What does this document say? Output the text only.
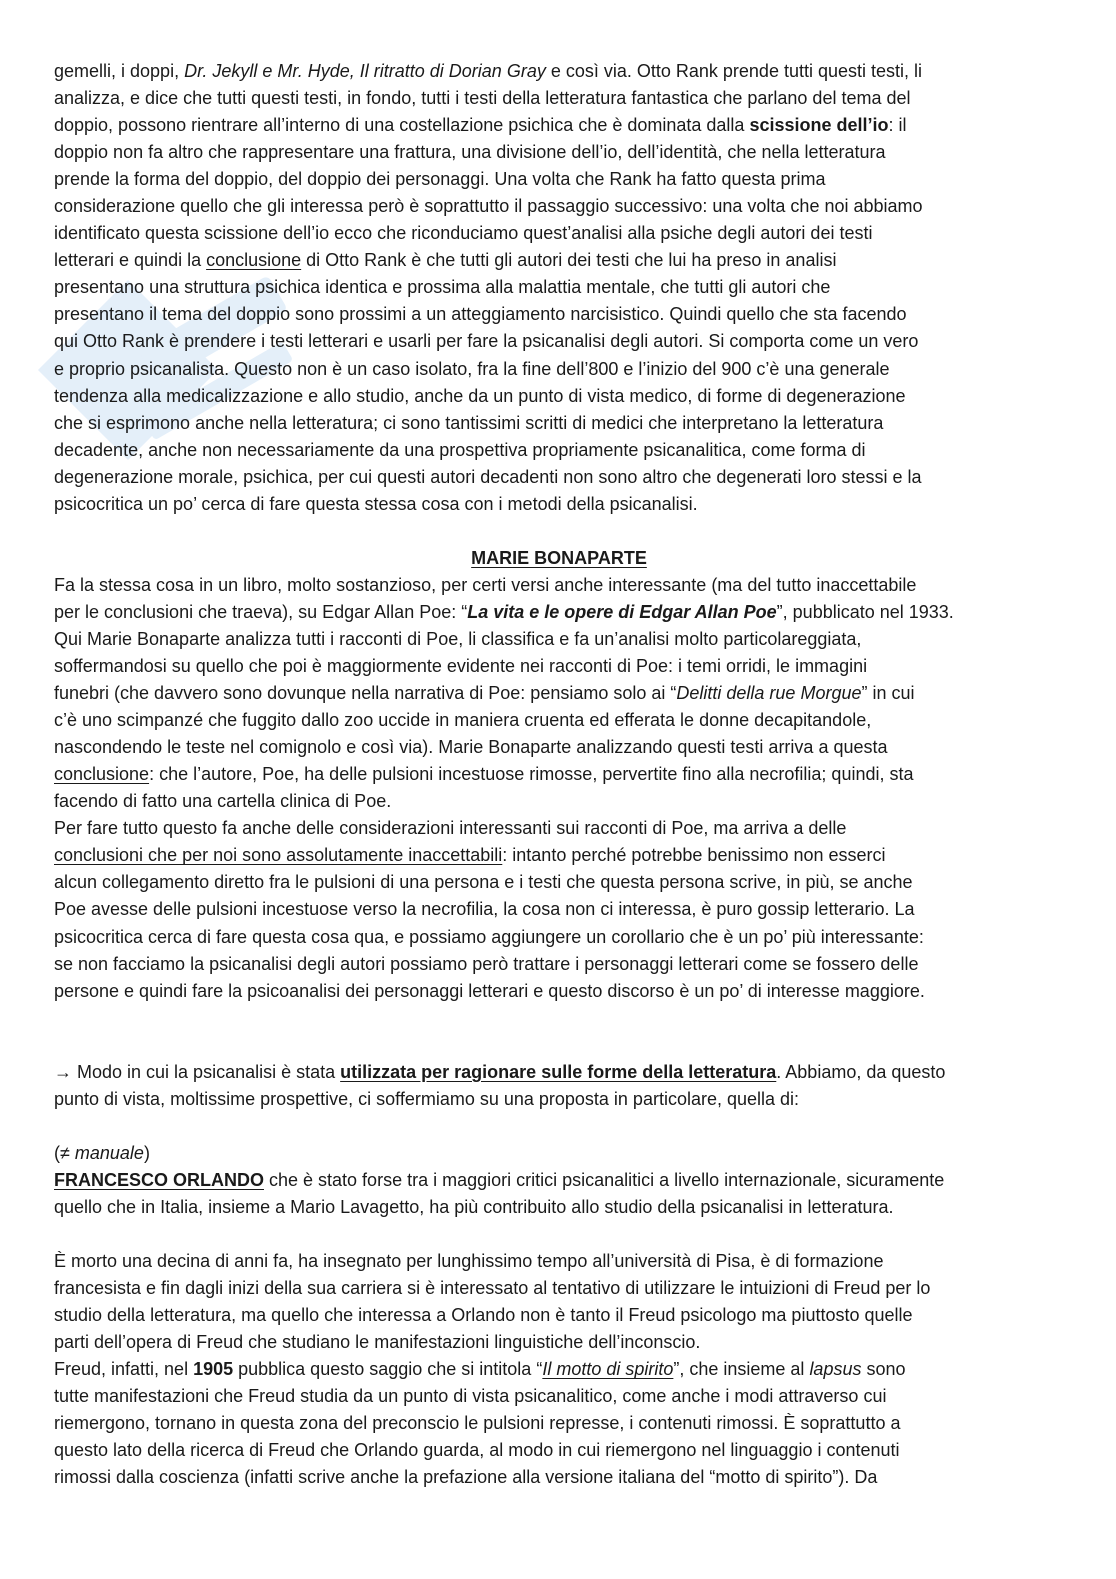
gemelli, i doppi, Dr. Jekyll e Mr. Hyde, Il ritratto di Dorian Gray e così via. Otto Rank prende tutti questi testi, li
analizza, e dice che tutti questi testi, in fondo, tutti i testi della letteratura fantastica che parlano del tema del
doppio, possono rientrare all’interno di una costellazione psichica che è dominata dalla scissione dell’io: il
doppio non fa altro che rappresentare una frattura, una divisione dell’io, dell’identità, che nella letteratura
prende la forma del doppio, del doppio dei personaggi. Una volta che Rank ha fatto questa prima
considerazione quello che gli interessa però è soprattutto il passaggio successivo: una volta che noi abbiamo
identificato questa scissione dell’io ecco che riconduciamo quest’analisi alla psiche degli autori dei testi
letterari e quindi la conclusione di Otto Rank è che tutti gli autori dei testi che lui ha preso in analisi
presentano una struttura psichica identica e prossima alla malattia mentale, che tutti gli autori che
presentano il tema del doppio sono prossimi a un atteggiamento narcisistico. Quindi quello che sta facendo
qui Otto Rank è prendere i testi letterari e usarli per fare la psicanalisi degli autori. Si comporta come un vero
e proprio psicanalista. Questo non è un caso isolato, fra la fine dell’800 e l’inizio del 900 c’è una generale
tendenza alla medicalizzazione e allo studio, anche da un punto di vista medico, di forme di degenerazione
che si esprimono anche nella letteratura; ci sono tantissimi scritti di medici che interpretano la letteratura
decadente, anche non necessariamente da una prospettiva propriamente psicanalitica, come forma di
degenerazione morale, psichica, per cui questi autori decadenti non sono altro che degenerati loro stessi e la
psicocritica un po’ cerca di fare questa stessa cosa con i metodi della psicanalisi.
MARIE BONAPARTE
Fa la stessa cosa in un libro, molto sostanzioso, per certi versi anche interessante (ma del tutto inaccettabile
per le conclusioni che traeva), su Edgar Allan Poe: “La vita e le opere di Edgar Allan Poe”, pubblicato nel 1933.
Qui Marie Bonaparte analizza tutti i racconti di Poe, li classifica e fa un’analisi molto particolareggiata,
soffermandosi su quello che poi è maggiormente evidente nei racconti di Poe: i temi orridi, le immagini
funebri (che davvero sono dovunque nella narrativa di Poe: pensiamo solo ai “Delitti della rue Morgue” in cui
c’è uno scimpanzé che fuggito dallo zoo uccide in maniera cruenta ed efferata le donne decapitandole,
nascondendo le teste nel comignolo e così via). Marie Bonaparte analizzando questi testi arriva a questa
conclusione: che l’autore, Poe, ha delle pulsioni incestuose rimosse, pervertite fino alla necrofilia; quindi, sta
facendo di fatto una cartella clinica di Poe.
Per fare tutto questo fa anche delle considerazioni interessanti sui racconti di Poe, ma arriva a delle
conclusioni che per noi sono assolutamente inaccettabili: intanto perché potrebbe benissimo non esserci
alcun collegamento diretto fra le pulsioni di una persona e i testi che questa persona scrive, in più, se anche
Poe avesse delle pulsioni incestuose verso la necrofilia, la cosa non ci interessa, è puro gossip letterario. La
psicocritica cerca di fare questa cosa qua, e possiamo aggiungere un corollario che è un po’ più interessante:
se non facciamo la psicanalisi degli autori possiamo però trattare i personaggi letterari come se fossero delle
persone e quindi fare la psicoanalisi dei personaggi letterari e questo discorso è un po’ di interesse maggiore.
→ Modo in cui la psicanalisi è stata utilizzata per ragionare sulle forme della letteratura. Abbiamo, da questo
punto di vista, moltissime prospettive, ci soffermiamo su una proposta in particolare, quella di:
(≠ manuale)
FRANCESCO ORLANDO che è stato forse tra i maggiori critici psicanalitici a livello internazionale, sicuramente
quello che in Italia, insieme a Mario Lavagetto, ha più contribuito allo studio della psicanalisi in letteratura.
È morto una decina di anni fa, ha insegnato per lunghissimo tempo all’università di Pisa, è di formazione
francesista e fin dagli inizi della sua carriera si è interessato al tentativo di utilizzare le intuizioni di Freud per lo
studio della letteratura, ma quello che interessa a Orlando non è tanto il Freud psicologo ma piuttosto quelle
parti dell’opera di Freud che studiano le manifestazioni linguistiche dell’inconscio.
Freud, infatti, nel 1905 pubblica questo saggio che si intitola “Il motto di spirito”, che insieme al lapsus sono
tutte manifestazioni che Freud studia da un punto di vista psicanalitico, come anche i modi attraverso cui
riemergono, tornano in questa zona del preconscio le pulsioni represse, i contenuti rimossi. È soprattutto a
questo lato della ricerca di Freud che Orlando guarda, al modo in cui riemergono nel linguaggio i contenuti
rimossi dalla coscienza (infatti scrive anche la prefazione alla versione italiana del “motto di spirito”). Da
